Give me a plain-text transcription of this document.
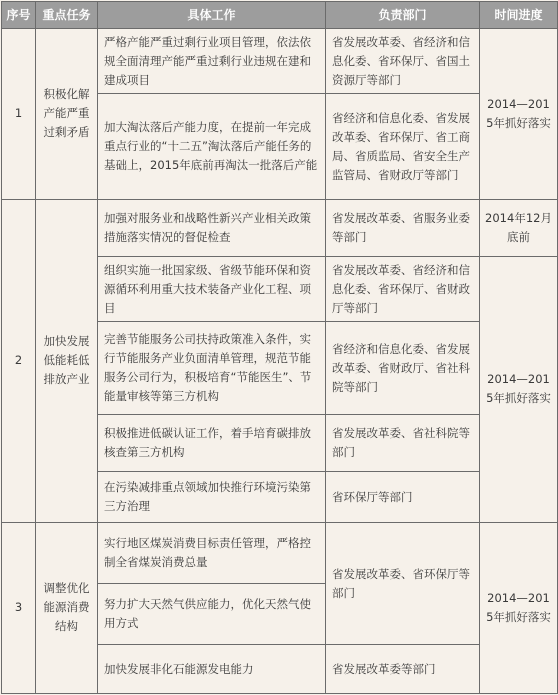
序号	重点任务	具体工作	负责部门	时间进度
1	积极化解产能严重过剩矛盾	严格产能严重过剩行业项目管理，依法依规全面清理产能严重过剩行业违规在建和建成项目	省发展改革委、省经济和信息化委、省环保厅、省国土资源厅等部门	2014—2015年抓好落实
		加大淘汰落后产能力度，在提前一年完成重点行业的“十二五”淘汰落后产能任务的基础上，2015年底前再淘汰一批落后产能	省经济和信息化委、省发展改革委、省环保厅、省工商局、省质监局、省安全生产监管局、省财政厅等部门	
2	加快发展低能耗低排放产业	加强对服务业和战略性新兴产业相关政策措施落实情况的督促检查	省发展改革委、省服务业委等部门	2014年12月底前
		组织实施一批国家级、省级节能环保和资源循环利用重大技术装备产业化工程、项目	省发展改革委、省经济和信息化委、省环保厅、省财政厅等部门	2014—2015年抓好落实
		完善节能服务公司扶持政策准入条件，实行节能服务产业负面清单管理，规范节能服务公司行为，积极培育“节能医生”、节能量审核等第三方机构	省经济和信息化委、省发展改革委、省财政厅、省社科院等部门	
		积极推进低碳认证工作，着手培育碳排放核查第三方机构	省发展改革委、省社科院等部门	
		在污染减排重点领域加快推行环境污染第三方治理	省环保厅等部门	
3	调整优化能源消费结构	实行地区煤炭消费目标责任管理，严格控制全省煤炭消费总量	省发展改革委、省环保厅等部门	2014—2015年抓好落实
		努力扩大天然气供应能力，优化天然气使用方式		
		加快发展非化石能源发电能力	省发展改革委等部门	
